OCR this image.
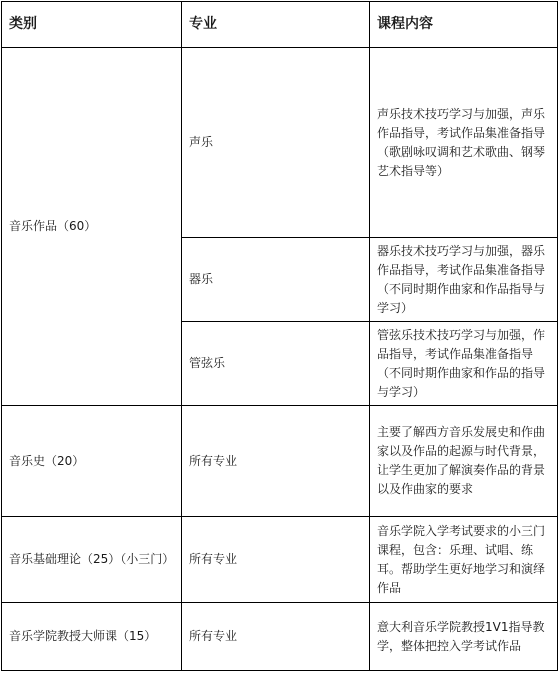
类别	专业	课程内容
音乐作品（60）	声乐	声乐技术技巧学习与加强，声乐作品指导，考试作品集准备指导（歌剧咏叹调和艺术歌曲、钢琴艺术指导等）
	器乐	器乐技术技巧学习与加强，器乐作品指导，考试作品集准备指导（不同时期作曲家和作品指导与学习）
	管弦乐	管弦乐技术技巧学习与加强，作品指导，考试作品集准备指导（不同时期作曲家和作品的指导与学习）
音乐史（20）	所有专业	主要了解西方音乐发展史和作曲家以及作品的起源与时代背景，让学生更加了解演奏作品的背景以及作曲家的要求
音乐基础理论（25）（小三门）	所有专业	音乐学院入学考试要求的小三门课程，包含：乐理、试唱、练耳。帮助学生更好地学习和演绎作品
音乐学院教授大师课（15）	所有专业	意大利音乐学院教授1V1指导教学，整体把控入学考试作品
